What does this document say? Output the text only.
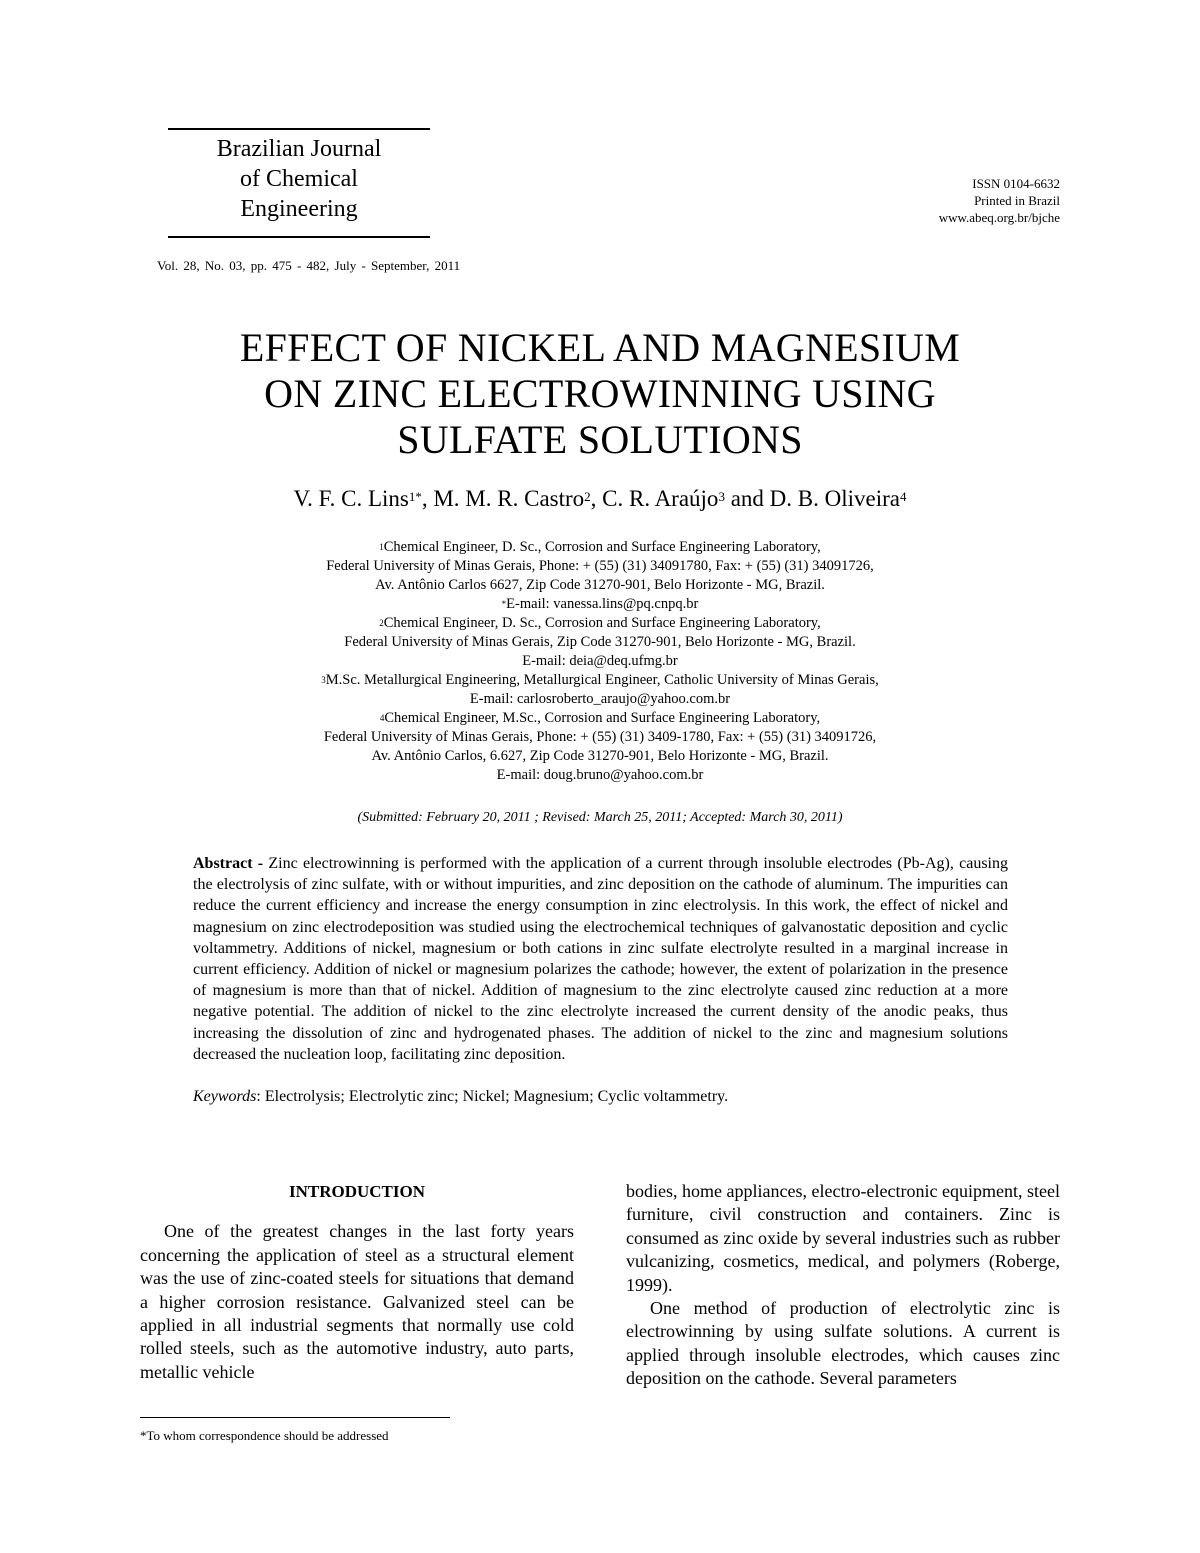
Brazilian Journal
of Chemical
Engineering
ISSN 0104-6632
Printed in Brazil
www.abeq.org.br/bjche
Vol. 28, No. 03, pp. 475 - 482, July - September, 2011
EFFECT OF NICKEL AND MAGNESIUM
ON ZINC ELECTROWINNING USING
SULFATE SOLUTIONS
V. F. C. Lins$^{1*}$, M. M. R. Castro$^2$, C. R. Araújo$^3$ and D. B. Oliveira$^4$
$^1$Chemical Engineer, D. Sc., Corrosion and Surface Engineering Laboratory,
Federal University of Minas Gerais, Phone: + (55) (31) 34091780, Fax: + (55) (31) 34091726,
Av. Antônio Carlos 6627, Zip Code 31270-901, Belo Horizonte - MG, Brazil.
*E-mail: vanessa.lins@pq.cnpq.br
$^2$Chemical Engineer, D. Sc., Corrosion and Surface Engineering Laboratory,
Federal University of Minas Gerais, Zip Code 31270-901, Belo Horizonte - MG, Brazil.
E-mail: deia@deq.ufmg.br
$^3$M.Sc. Metallurgical Engineering, Metallurgical Engineer, Catholic University of Minas Gerais,
E-mail: carlosroberto_araujo@yahoo.com.br
$^4$Chemical Engineer, M.Sc., Corrosion and Surface Engineering Laboratory,
Federal University of Minas Gerais, Phone: + (55) (31) 3409-1780, Fax: + (55) (31) 34091726,
Av. Antônio Carlos, 6.627, Zip Code 31270-901, Belo Horizonte - MG, Brazil.
E-mail: doug.bruno@yahoo.com.br
(Submitted: February 20, 2011 ; Revised: March 25, 2011; Accepted: March 30, 2011)
Abstract - Zinc electrowinning is performed with the application of a current through insoluble electrodes (Pb-Ag), causing the electrolysis of zinc sulfate, with or without impurities, and zinc deposition on the cathode of aluminum. The impurities can reduce the current efficiency and increase the energy consumption in zinc electrolysis. In this work, the effect of nickel and magnesium on zinc electrodeposition was studied using the electrochemical techniques of galvanostatic deposition and cyclic voltammetry. Additions of nickel, magnesium or both cations in zinc sulfate electrolyte resulted in a marginal increase in current efficiency. Addition of nickel or magnesium polarizes the cathode; however, the extent of polarization in the presence of magnesium is more than that of nickel. Addition of magnesium to the zinc electrolyte caused zinc reduction at a more negative potential. The addition of nickel to the zinc electrolyte increased the current density of the anodic peaks, thus increasing the dissolution of zinc and hydrogenated phases. The addition of nickel to the zinc and magnesium solutions decreased the nucleation loop, facilitating zinc deposition.
Keywords: Electrolysis; Electrolytic zinc; Nickel; Magnesium; Cyclic voltammetry.
INTRODUCTION

One of the greatest changes in the last forty years concerning the application of steel as a structural element was the use of zinc-coated steels for situations that demand a higher corrosion resistance. Galvanized steel can be applied in all industrial segments that normally use cold rolled steels, such as the automotive industry, auto parts, metallic vehicle

bodies, home appliances, electro-electronic equipment, steel furniture, civil construction and containers. Zinc is consumed as zinc oxide by several industries such as rubber vulcanizing, cosmetics, medical, and polymers (Roberge, 1999).

One method of production of electrolytic zinc is electrowinning by using sulfate solutions. A current is applied through insoluble electrodes, which causes zinc deposition on the cathode. Several parameters

*To whom correspondence should be addressed
